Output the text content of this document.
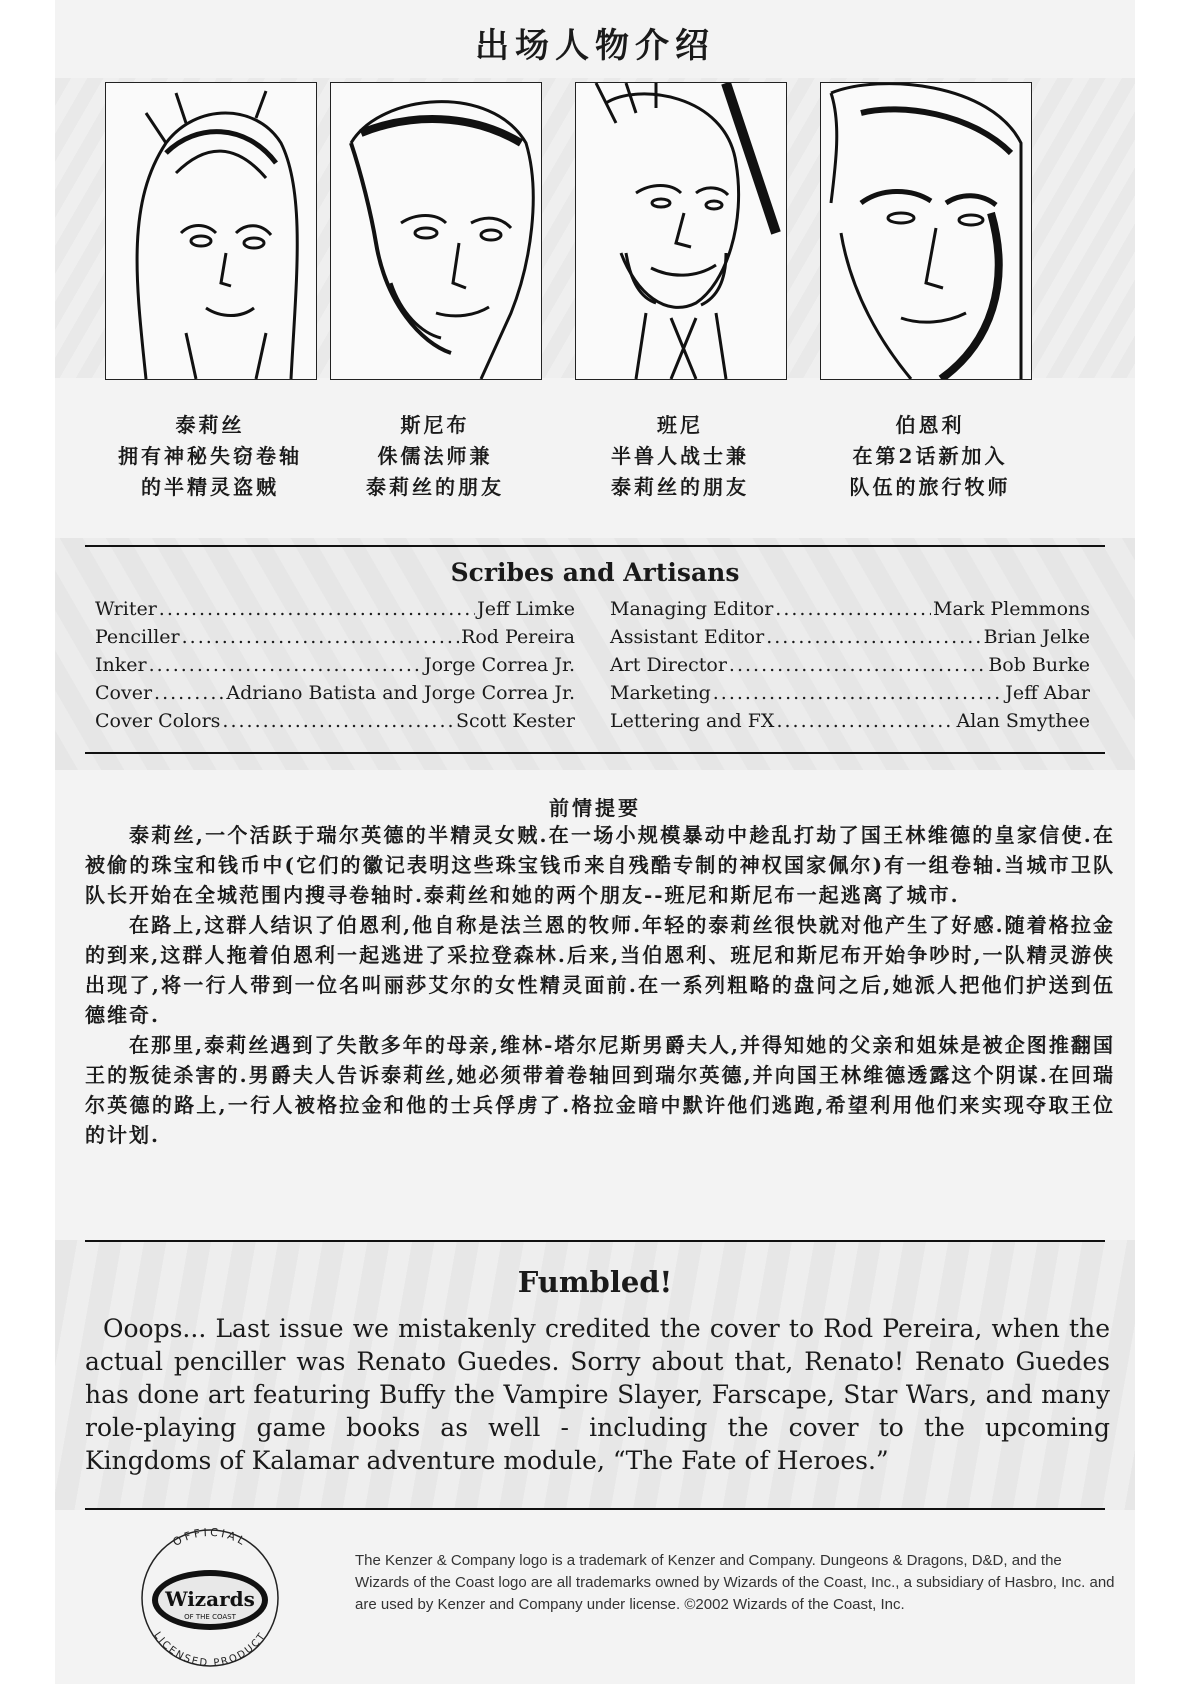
出场人物介绍
泰莉丝
拥有神秘失窃卷轴
的半精灵盗贼
斯尼布
侏儒法师兼
泰莉丝的朋友
班尼
半兽人战士兼
泰莉丝的朋友
伯恩利
在第2话新加入
队伍的旅行牧师
Scribes and Artisans
Writer .....	Jeff Limke
Penciller .....	Rod Pereira
Inker .....	Jorge Correa Jr.
Cover .....	Adriano Batista and Jorge Correa Jr.
Cover Colors .....	Scott Kester
Managing Editor .....	Mark Plemmons
Assistant Editor .....	Brian Jelke
Art Director .....	Bob Burke
Marketing .....	Jeff Abar
Lettering and FX .....	Alan Smythee
前情提要

泰莉丝,一个活跃于瑞尔英德的半精灵女贼.在一场小规模暴动中趁乱打劫了国王林维德的皇家信使.在被偷的珠宝和钱币中(它们的徽记表明这些珠宝钱币来自残酷专制的神权国家佩尔)有一组卷轴.当城市卫队队长开始在全城范围内搜寻卷轴时.泰莉丝和她的两个朋友--班尼和斯尼布一起逃离了城市.

在路上,这群人结识了伯恩利,他自称是法兰恩的牧师.年轻的泰莉丝很快就对他产生了好感.随着格拉金的到来,这群人拖着伯恩利一起逃进了采拉登森林.后来,当伯恩利、班尼和斯尼布开始争吵时,一队精灵游侠出现了,将一行人带到一位名叫丽莎艾尔的女性精灵面前.在一系列粗略的盘问之后,她派人把他们护送到伍德维奇.

在那里,泰莉丝遇到了失散多年的母亲,维林-塔尔尼斯男爵夫人,并得知她的父亲和姐妹是被企图推翻国王的叛徒杀害的.男爵夫人告诉泰莉丝,她必须带着卷轴回到瑞尔英德,并向国王林维德透露这个阴谋.在回瑞尔英德的路上,一行人被格拉金和他的士兵俘虏了.格拉金暗中默许他们逃跑,希望利用他们来实现夺取王位的计划.

Fumbled!
Ooops... Last issue we mistakenly credited the cover to Rod Pereira, when the actual penciller was Renato Guedes. Sorry about that, Renato! Renato Guedes has done art featuring Buffy the Vampire Slayer, Farscape, Star Wars, and many role-playing game books as well - including the cover to the upcoming Kingdoms of Kalamar adventure module, “The Fate of Heroes.”
OFFICIAL
LICENSED PRODUCT
Wizards
OF THE COAST
The Kenzer & Company logo is a trademark of Kenzer and Company. Dungeons & Dragons, D&D, and the Wizards of the Coast logo are all trademarks owned by Wizards of the Coast, Inc., a subsidiary of Hasbro, Inc. and are used by Kenzer and Company under license. ©2002 Wizards of the Coast, Inc.
